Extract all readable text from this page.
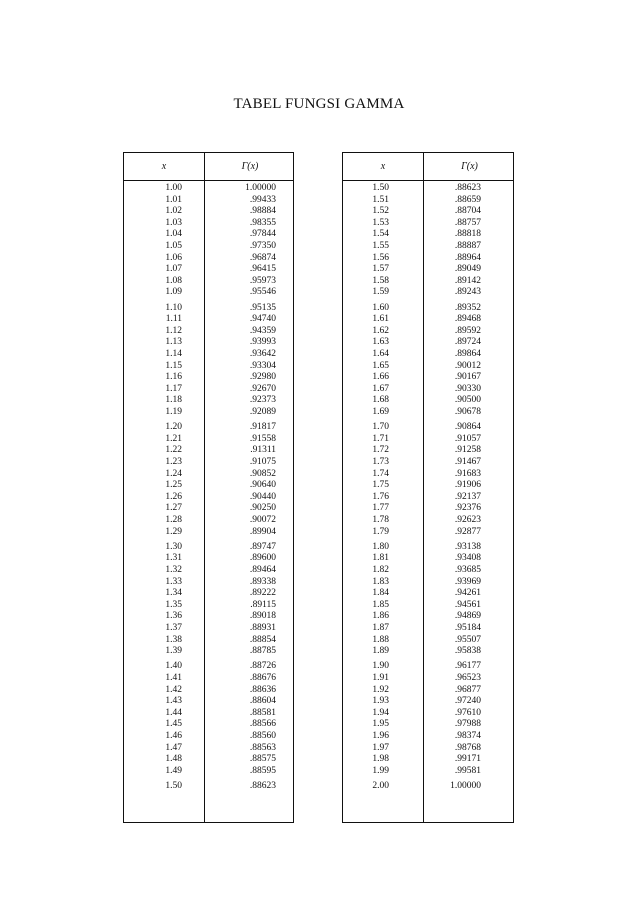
TABEL FUNGSI GAMMA
x	Γ(x)
1.00	1.00000
1.01	.99433
1.02	.98884
1.03	.98355
1.04	.97844
1.05	.97350
1.06	.96874
1.07	.96415
1.08	.95973
1.09	.95546
1.10	.95135
1.11	.94740
1.12	.94359
1.13	.93993
1.14	.93642
1.15	.93304
1.16	.92980
1.17	.92670
1.18	.92373
1.19	.92089
1.20	.91817
1.21	.91558
1.22	.91311
1.23	.91075
1.24	.90852
1.25	.90640
1.26	.90440
1.27	.90250
1.28	.90072
1.29	.89904
1.30	.89747
1.31	.89600
1.32	.89464
1.33	.89338
1.34	.89222
1.35	.89115
1.36	.89018
1.37	.88931
1.38	.88854
1.39	.88785
1.40	.88726
1.41	.88676
1.42	.88636
1.43	.88604
1.44	.88581
1.45	.88566
1.46	.88560
1.47	.88563
1.48	.88575
1.49	.88595
1.50	.88623
x	Γ(x)
1.50	.88623
1.51	.88659
1.52	.88704
1.53	.88757
1.54	.88818
1.55	.88887
1.56	.88964
1.57	.89049
1.58	.89142
1.59	.89243
1.60	.89352
1.61	.89468
1.62	.89592
1.63	.89724
1.64	.89864
1.65	.90012
1.66	.90167
1.67	.90330
1.68	.90500
1.69	.90678
1.70	.90864
1.71	.91057
1.72	.91258
1.73	.91467
1.74	.91683
1.75	.91906
1.76	.92137
1.77	.92376
1.78	.92623
1.79	.92877
1.80	.93138
1.81	.93408
1.82	.93685
1.83	.93969
1.84	.94261
1.85	.94561
1.86	.94869
1.87	.95184
1.88	.95507
1.89	.95838
1.90	.96177
1.91	.96523
1.92	.96877
1.93	.97240
1.94	.97610
1.95	.97988
1.96	.98374
1.97	.98768
1.98	.99171
1.99	.99581
2.00	1.00000
